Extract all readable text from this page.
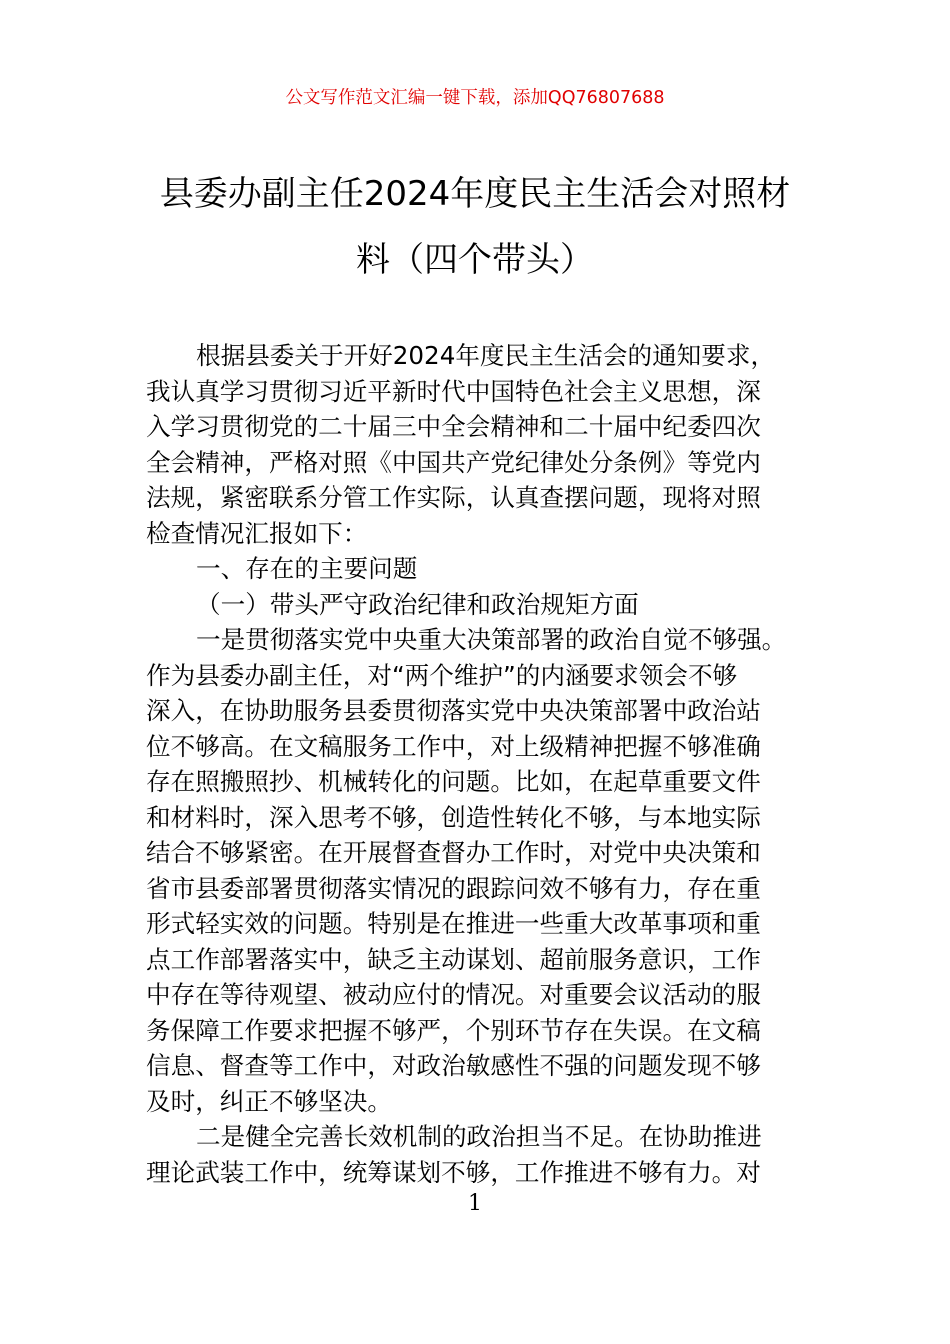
公文写作范文汇编一键下载，添加QQ76807688
县委办副主任2024年度民主生活会对照材
料（四个带头）
根据县委关于开好2024年度民主生活会的通知要求，
我认真学习贯彻习近平新时代中国特色社会主义思想，深
入学习贯彻党的二十届三中全会精神和二十届中纪委四次
全会精神，严格对照《中国共产党纪律处分条例》等党内
法规，紧密联系分管工作实际，认真查摆问题，现将对照
检查情况汇报如下：
一、存在的主要问题
（一）带头严守政治纪律和政治规矩方面
一是贯彻落实党中央重大决策部署的政治自觉不够强。
作为县委办副主任，对“两个维护”的内涵要求领会不够
深入，在协助服务县委贯彻落实党中央决策部署中政治站
位不够高。在文稿服务工作中，对上级精神把握不够准确
存在照搬照抄、机械转化的问题。比如，在起草重要文件
和材料时，深入思考不够，创造性转化不够，与本地实际
结合不够紧密。在开展督查督办工作时，对党中央决策和
省市县委部署贯彻落实情况的跟踪问效不够有力，存在重
形式轻实效的问题。特别是在推进一些重大改革事项和重
点工作部署落实中，缺乏主动谋划、超前服务意识，工作
中存在等待观望、被动应付的情况。对重要会议活动的服
务保障工作要求把握不够严，个别环节存在失误。在文稿
信息、督查等工作中，对政治敏感性不强的问题发现不够
及时，纠正不够坚决。
二是健全完善长效机制的政治担当不足。在协助推进
理论武装工作中，统筹谋划不够，工作推进不够有力。对
1
